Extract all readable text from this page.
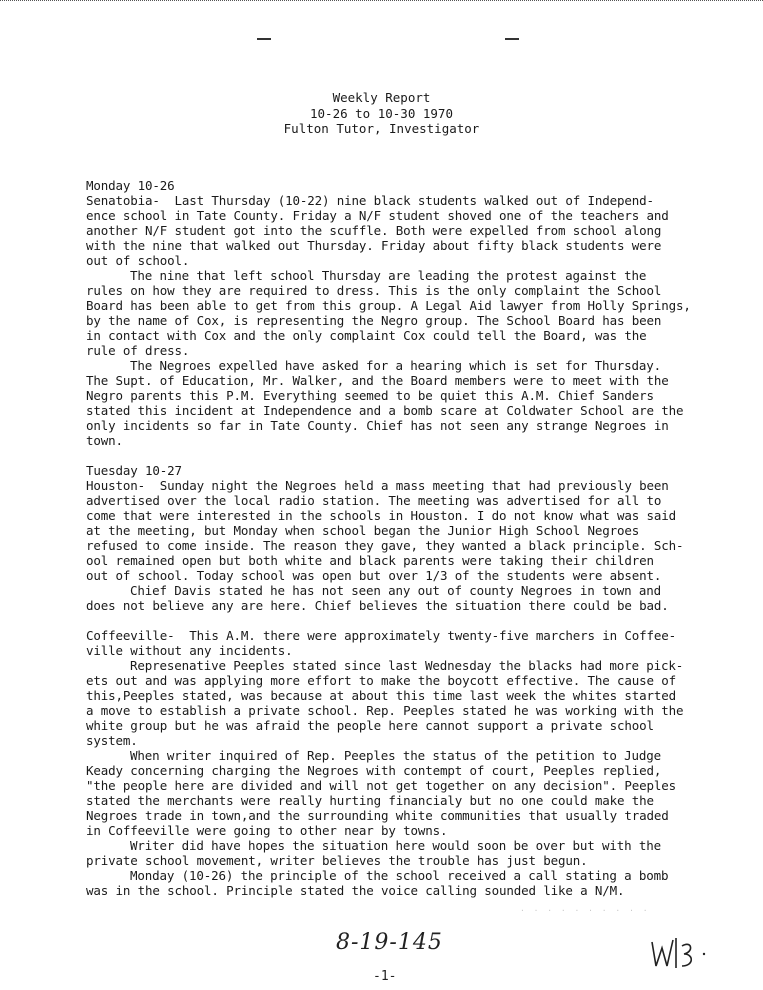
Weekly Report
10-26 to 10-30 1970
Fulton Tutor, Investigator
Monday 10-26
Senatobia-  Last Thursday (10-22) nine black students walked out of Independ-
ence school in Tate County. Friday a N/F student shoved one of the teachers and
another N/F student got into the scuffle. Both were expelled from school along
with the nine that walked out Thursday. Friday about fifty black students were
out of school.
The nine that left school Thursday are leading the protest against the
rules on how they are required to dress. This is the only complaint the School
Board has been able to get from this group. A Legal Aid lawyer from Holly Springs,
by the name of Cox, is representing the Negro group. The School Board has been
in contact with Cox and the only complaint Cox could tell the Board, was the
rule of dress.
The Negroes expelled have asked for a hearing which is set for Thursday.
The Supt. of Education, Mr. Walker, and the Board members were to meet with the
Negro parents this P.M. Everything seemed to be quiet this A.M. Chief Sanders
stated this incident at Independence and a bomb scare at Coldwater School are the
only incidents so far in Tate County. Chief has not seen any strange Negroes in
town.
Tuesday 10-27
Houston-  Sunday night the Negroes held a mass meeting that had previously been
advertised over the local radio station. The meeting was advertised for all to
come that were interested in the schools in Houston. I do not know what was said
at the meeting, but Monday when school began the Junior High School Negroes
refused to come inside. The reason they gave, they wanted a black principle. Sch-
ool remained open but both white and black parents were taking their children
out of school. Today school was open but over 1/3 of the students were absent.
Chief Davis stated he has not seen any out of county Negroes in town and
does not believe any are here. Chief believes the situation there could be bad.
Coffeeville-  This A.M. there were approximately twenty-five marchers in Coffee-
ville without any incidents.
Represenative Peeples stated since last Wednesday the blacks had more pick-
ets out and was applying more effort to make the boycott effective. The cause of
this,Peeples stated, was because at about this time last week the whites started
a move to establish a private school. Rep. Peeples stated he was working with the
white group but he was afraid the people here cannot support a private school
system.
When writer inquired of Rep. Peeples the status of the petition to Judge
Keady concerning charging the Negroes with contempt of court, Peeples replied,
"the people here are divided and will not get together on any decision". Peeples
stated the merchants were really hurting financialy but no one could make the
Negroes trade in town,and the surrounding white communities that usually traded
in Coffeeville were going to other near by towns.
Writer did have hopes the situation here would soon be over but with the
private school movement, writer believes the trouble has just begun.
Monday (10-26) the principle of the school received a call stating a bomb
was in the school. Principle stated the voice calling sounded like a N/M.
· · · · · · · · · ·
8-19-145
-1-
